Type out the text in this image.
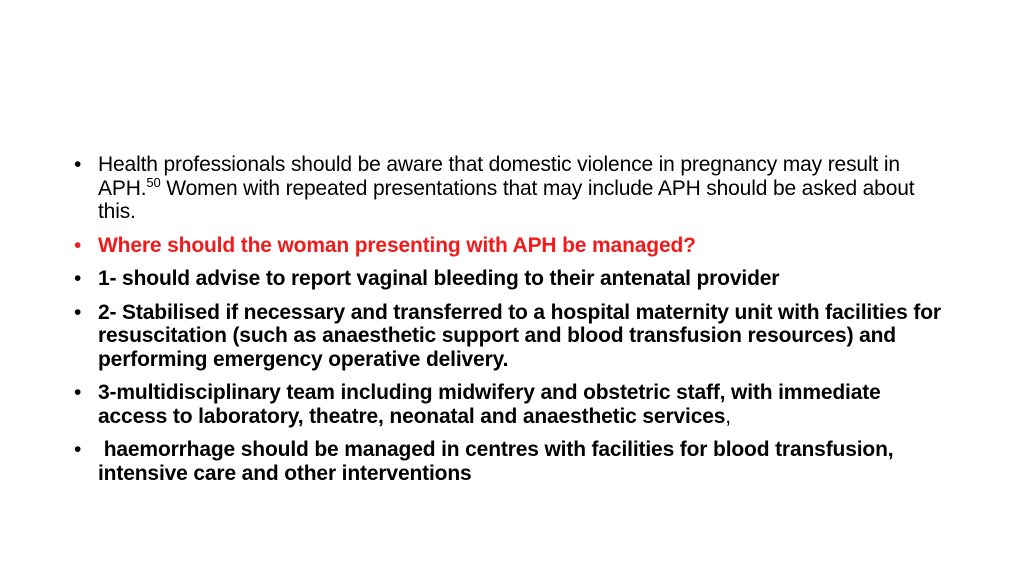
• Health professionals should be aware that domestic violence in pregnancy may result in APH.$^{50}$ Women with repeated presentations that may include APH should be asked about this.
• Where should the woman presenting with APH be managed?
• 1- should advise to report vaginal bleeding to their antenatal provider
• 2- Stabilised if necessary and transferred to a hospital maternity unit with facilities for resuscitation (such as anaesthetic support and blood transfusion resources) and performing emergency operative delivery.
• 3-multidisciplinary team including midwifery and obstetric staff, with immediate access to laboratory, theatre, neonatal and anaesthetic services,
• haemorrhage should be managed in centres with facilities for blood transfusion, intensive care and other interventions
